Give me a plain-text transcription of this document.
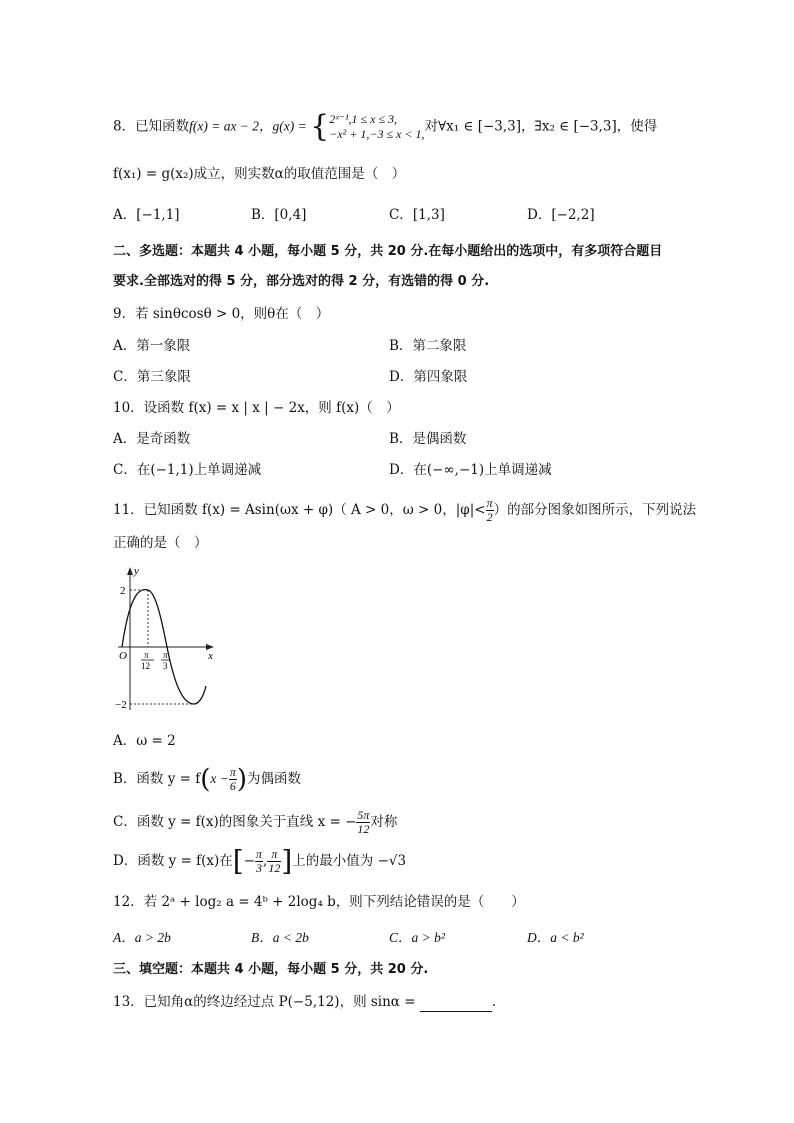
8．已知函数f(x) = ax − 2，g(x) = { 2ˣ⁻¹,1 ≤ x ≤ 3,
−x² + 1,−3 ≤ x < 1, 对∀x₁ ∈ [−3,3]，∃x₂ ∈ [−3,3]，使得
f(x₁) = g(x₂)成立，则实数α的取值范围是（　）
A．[−1,1]	B．[0,4]	C．[1,3]	D．[−2,2]
二、多选题：本题共 4 小题，每小题 5 分，共 20 分.在每小题给出的选项中，有多项符合题目
要求.全部选对的得 5 分，部分选对的得 2 分，有选错的得 0 分.
9．若 sinθcosθ > 0，则θ在（　）
A．第一象限	B．第二象限
C．第三象限	D．第四象限
10．设函数 f(x) = x | x | − 2x，则 f(x)（　）
A．是奇函数	B．是偶函数
C．在(−1,1)上单调递减	D．在(−∞,−1)上单调递减
11．已知函数 f(x) = Asin(ωx + φ)（ A > 0，ω > 0，$|\varphi|< \frac{\pi}{2}$ ）的部分图象如图所示，下列说法
正确的是（　）
y
x
O
2
−2
π
12
π
3
A．ω = 2
B．函数 $y = f(x - \frac{\pi}{6}$ )为偶函数
C．函数 y = f(x)的图象关于直线 x = − $\frac{5\pi}{12}$ 对称
D．函数 y = f(x)在[− $\frac{\pi}{3}$ , $\frac{\pi}{12}$ ]上的最小值为 −√3
12．若 2ᵃ + log₂ a = 4ᵇ + 2log₄ b，则下列结论错误的是（　　）
A．a > 2b	B．a < 2b	C．a > b²	D．a < b²
三、填空题：本题共 4 小题，每小题 5 分，共 20 分.
13．已知角α的终边经过点 P(−5,12)，则 sinα =	.
